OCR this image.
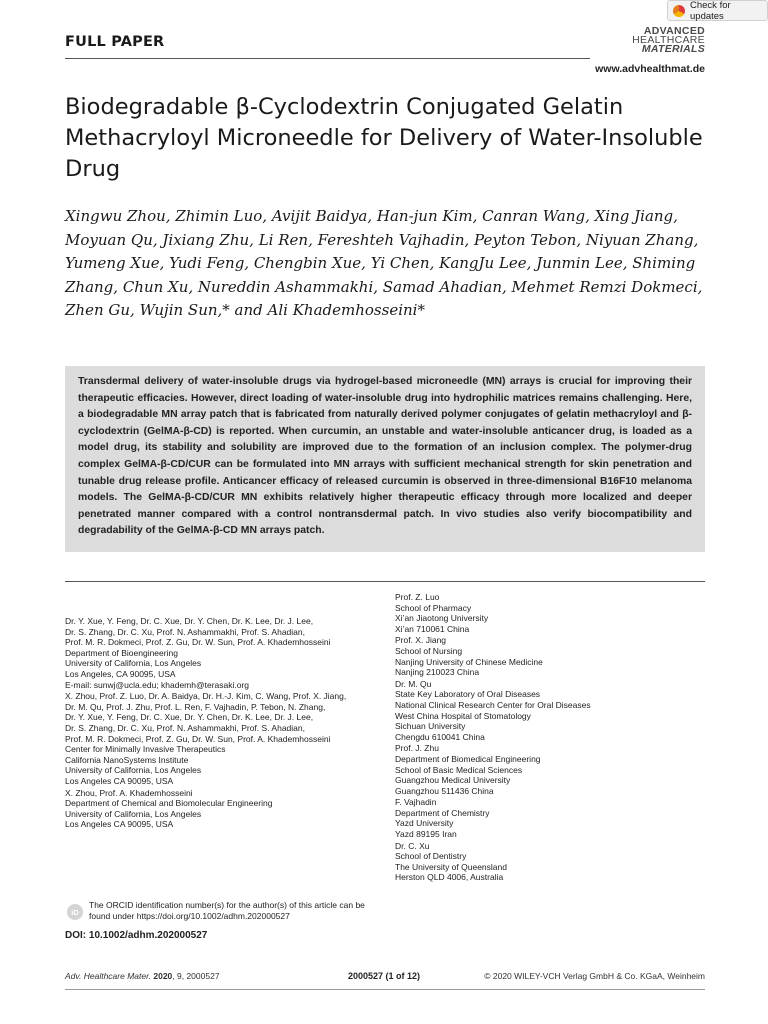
Check for updates
FULL PAPER
ADVANCED
HEALTHCARE
MATERIALS
www.advhealthmat.de
Biodegradable β-Cyclodextrin Conjugated Gelatin Methacryloyl Microneedle for Delivery of Water-Insoluble Drug
Xingwu Zhou, Zhimin Luo, Avijit Baidya, Han-jun Kim, Canran Wang, Xing Jiang, Moyuan Qu, Jixiang Zhu, Li Ren, Fereshteh Vajhadin, Peyton Tebon, Niyuan Zhang, Yumeng Xue, Yudi Feng, Chengbin Xue, Yi Chen, KangJu Lee, Junmin Lee, Shiming Zhang, Chun Xu, Nureddin Ashammakhi, Samad Ahadian, Mehmet Remzi Dokmeci, Zhen Gu, Wujin Sun,* and Ali Khademhosseini*
Transdermal delivery of water-insoluble drugs via hydrogel-based microneedle (MN) arrays is crucial for improving their therapeutic efficacies. However, direct loading of water-insoluble drug into hydrophilic matrices remains challenging. Here, a biodegradable MN array patch that is fabricated from naturally derived polymer conjugates of gelatin methacryloyl and β-cyclodextrin (GelMA-β-CD) is reported. When curcumin, an unstable and water-insoluble anticancer drug, is loaded as a model drug, its stability and solubility are improved due to the formation of an inclusion complex. The polymer-drug complex GelMA-β-CD/CUR can be formulated into MN arrays with sufficient mechanical strength for skin penetration and tunable drug release profile. Anticancer efficacy of released curcumin is observed in three-dimensional B16F10 melanoma models. The GelMA-β-CD/CUR MN exhibits relatively higher therapeutic efficacy through more localized and deeper penetrated manner compared with a control nontransdermal patch. In vivo studies also verify biocompatibility and degradability of the GelMA-β-CD MN arrays patch.
Dr. Y. Xue, Y. Feng, Dr. C. Xue, Dr. Y. Chen, Dr. K. Lee, Dr. J. Lee,
Dr. S. Zhang, Dr. C. Xu, Prof. N. Ashammakhi, Prof. S. Ahadian,
Prof. M. R. Dokmeci, Prof. Z. Gu, Dr. W. Sun, Prof. A. Khademhosseini
Department of Bioengineering
University of California, Los Angeles
Los Angeles, CA 90095, USA
E-mail: sunwj@ucla.edu; khademh@terasaki.org
X. Zhou, Prof. Z. Luo, Dr. A. Baidya, Dr. H.-J. Kim, C. Wang, Prof. X. Jiang,
Dr. M. Qu, Prof. J. Zhu, Prof. L. Ren, F. Vajhadin, P. Tebon, N. Zhang,
Dr. Y. Xue, Y. Feng, Dr. C. Xue, Dr. Y. Chen, Dr. K. Lee, Dr. J. Lee,
Dr. S. Zhang, Dr. C. Xu, Prof. N. Ashammakhi, Prof. S. Ahadian,
Prof. M. R. Dokmeci, Prof. Z. Gu, Dr. W. Sun, Prof. A. Khademhosseini
Center for Minimally Invasive Therapeutics
California NanoSystems Institute
University of California, Los Angeles
Los Angeles CA 90095, USA
X. Zhou, Prof. A. Khademhosseini
Department of Chemical and Biomolecular Engineering
University of California, Los Angeles
Los Angeles CA 90095, USA
Prof. Z. Luo
School of Pharmacy
Xi’an Jiaotong University
Xi’an 710061 China
Prof. X. Jiang
School of Nursing
Nanjing University of Chinese Medicine
Nanjing 210023 China
Dr. M. Qu
State Key Laboratory of Oral Diseases
National Clinical Research Center for Oral Diseases
West China Hospital of Stomatology
Sichuan University
Chengdu 610041 China
Prof. J. Zhu
Department of Biomedical Engineering
School of Basic Medical Sciences
Guangzhou Medical University
Guangzhou 511436 China
F. Vajhadin
Department of Chemistry
Yazd University
Yazd 89195 Iran
Dr. C. Xu
School of Dentistry
The University of Queensland
Herston QLD 4006, Australia
iD
The ORCID identification number(s) for the author(s) of this article can be found under https://doi.org/10.1002/adhm.202000527
DOI: 10.1002/adhm.202000527
Adv. Healthcare Mater. 2020, 9, 2000527	2000527 (1 of 12)	© 2020 WILEY-VCH Verlag GmbH & Co. KGaA, Weinheim
